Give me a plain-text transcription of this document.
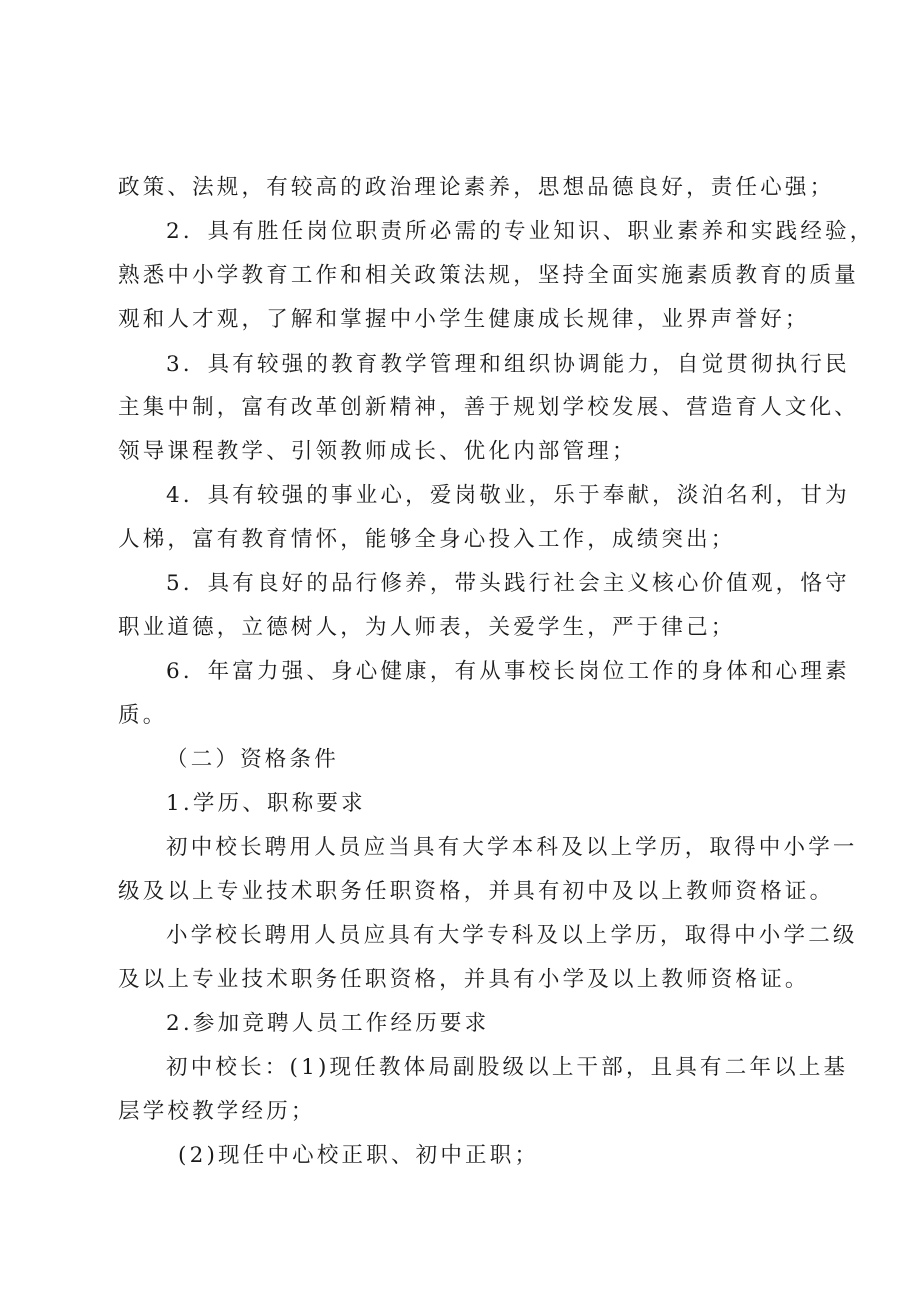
政策、法规，有较高的政治理论素养，思想品德良好，责任心强；
2．具有胜任岗位职责所必需的专业知识、职业素养和实践经验，
熟悉中小学教育工作和相关政策法规，坚持全面实施素质教育的质量
观和人才观，了解和掌握中小学生健康成长规律，业界声誉好；
3．具有较强的教育教学管理和组织协调能力，自觉贯彻执行民
主集中制，富有改革创新精神，善于规划学校发展、营造育人文化、
领导课程教学、引领教师成长、优化内部管理；
4．具有较强的事业心，爱岗敬业，乐于奉献，淡泊名利，甘为
人梯，富有教育情怀，能够全身心投入工作，成绩突出；
5．具有良好的品行修养，带头践行社会主义核心价值观，恪守
职业道德，立德树人，为人师表，关爱学生，严于律己；
6．年富力强、身心健康，有从事校长岗位工作的身体和心理素
质。
（二）资格条件
1.学历、职称要求
初中校长聘用人员应当具有大学本科及以上学历，取得中小学一
级及以上专业技术职务任职资格，并具有初中及以上教师资格证。
小学校长聘用人员应具有大学专科及以上学历，取得中小学二级
及以上专业技术职务任职资格，并具有小学及以上教师资格证。
2.参加竞聘人员工作经历要求
初中校长：(1)现任教体局副股级以上干部，且具有二年以上基
层学校教学经历；
(2)现任中心校正职、初中正职；
